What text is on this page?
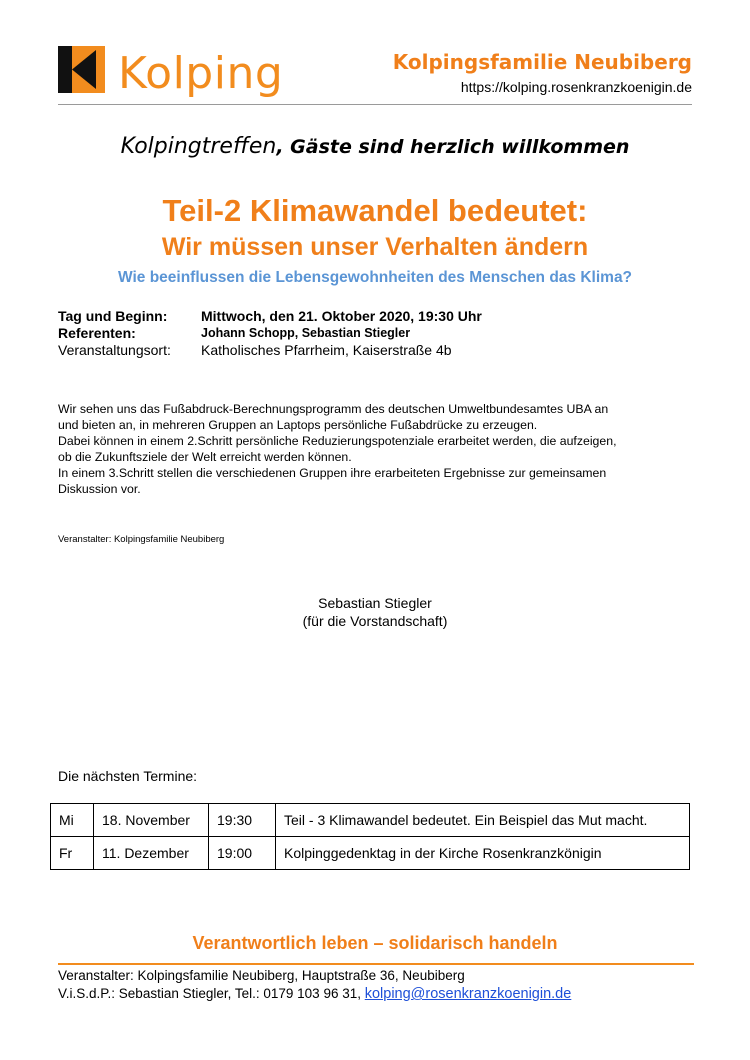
Kolping	Kolpingsfamilie Neubiberg
https://kolping.rosenkranzkoenigin.de
Kolpingtreffen, Gäste sind herzlich willkommen
Teil-2 Klimawandel bedeutet:
Wir müssen unser Verhalten ändern
Wie beeinflussen die Lebensgewohnheiten des Menschen das Klima?
Tag und Beginn: Mittwoch, den 21. Oktober 2020, 19:30 Uhr
Referenten:	Johann Schopp, Sebastian Stiegler
Veranstaltungsort: Katholisches Pfarrheim, Kaiserstraße 4b
Wir sehen uns das Fußabdruck-Berechnungsprogramm des deutschen Umweltbundesamtes UBA an
und bieten an, in mehreren Gruppen an Laptops persönliche Fußabdrücke zu erzeugen.
Dabei können in einem 2.Schritt persönliche Reduzierungspotenziale erarbeitet werden, die aufzeigen,
ob die Zukunftsziele der Welt erreicht werden können.
In einem 3.Schritt stellen die verschiedenen Gruppen ihre erarbeiteten Ergebnisse zur gemeinsamen
Diskussion vor.
Veranstalter: Kolpingsfamilie Neubiberg
Sebastian Stiegler
(für die Vorstandschaft)
Die nächsten Termine:
Mi	18. November	19:30	Teil - 3 Klimawandel bedeutet. Ein Beispiel das Mut macht.
Fr	11. Dezember	19:00	Kolpinggedenktag in der Kirche Rosenkranzkönigin
Verantwortlich leben – solidarisch handeln
Veranstalter: Kolpingsfamilie Neubiberg, Hauptstraße 36, Neubiberg
V.i.S.d.P.: Sebastian Stiegler, Tel.: 0179 103 96 31, kolping@rosenkranzkoenigin.de
